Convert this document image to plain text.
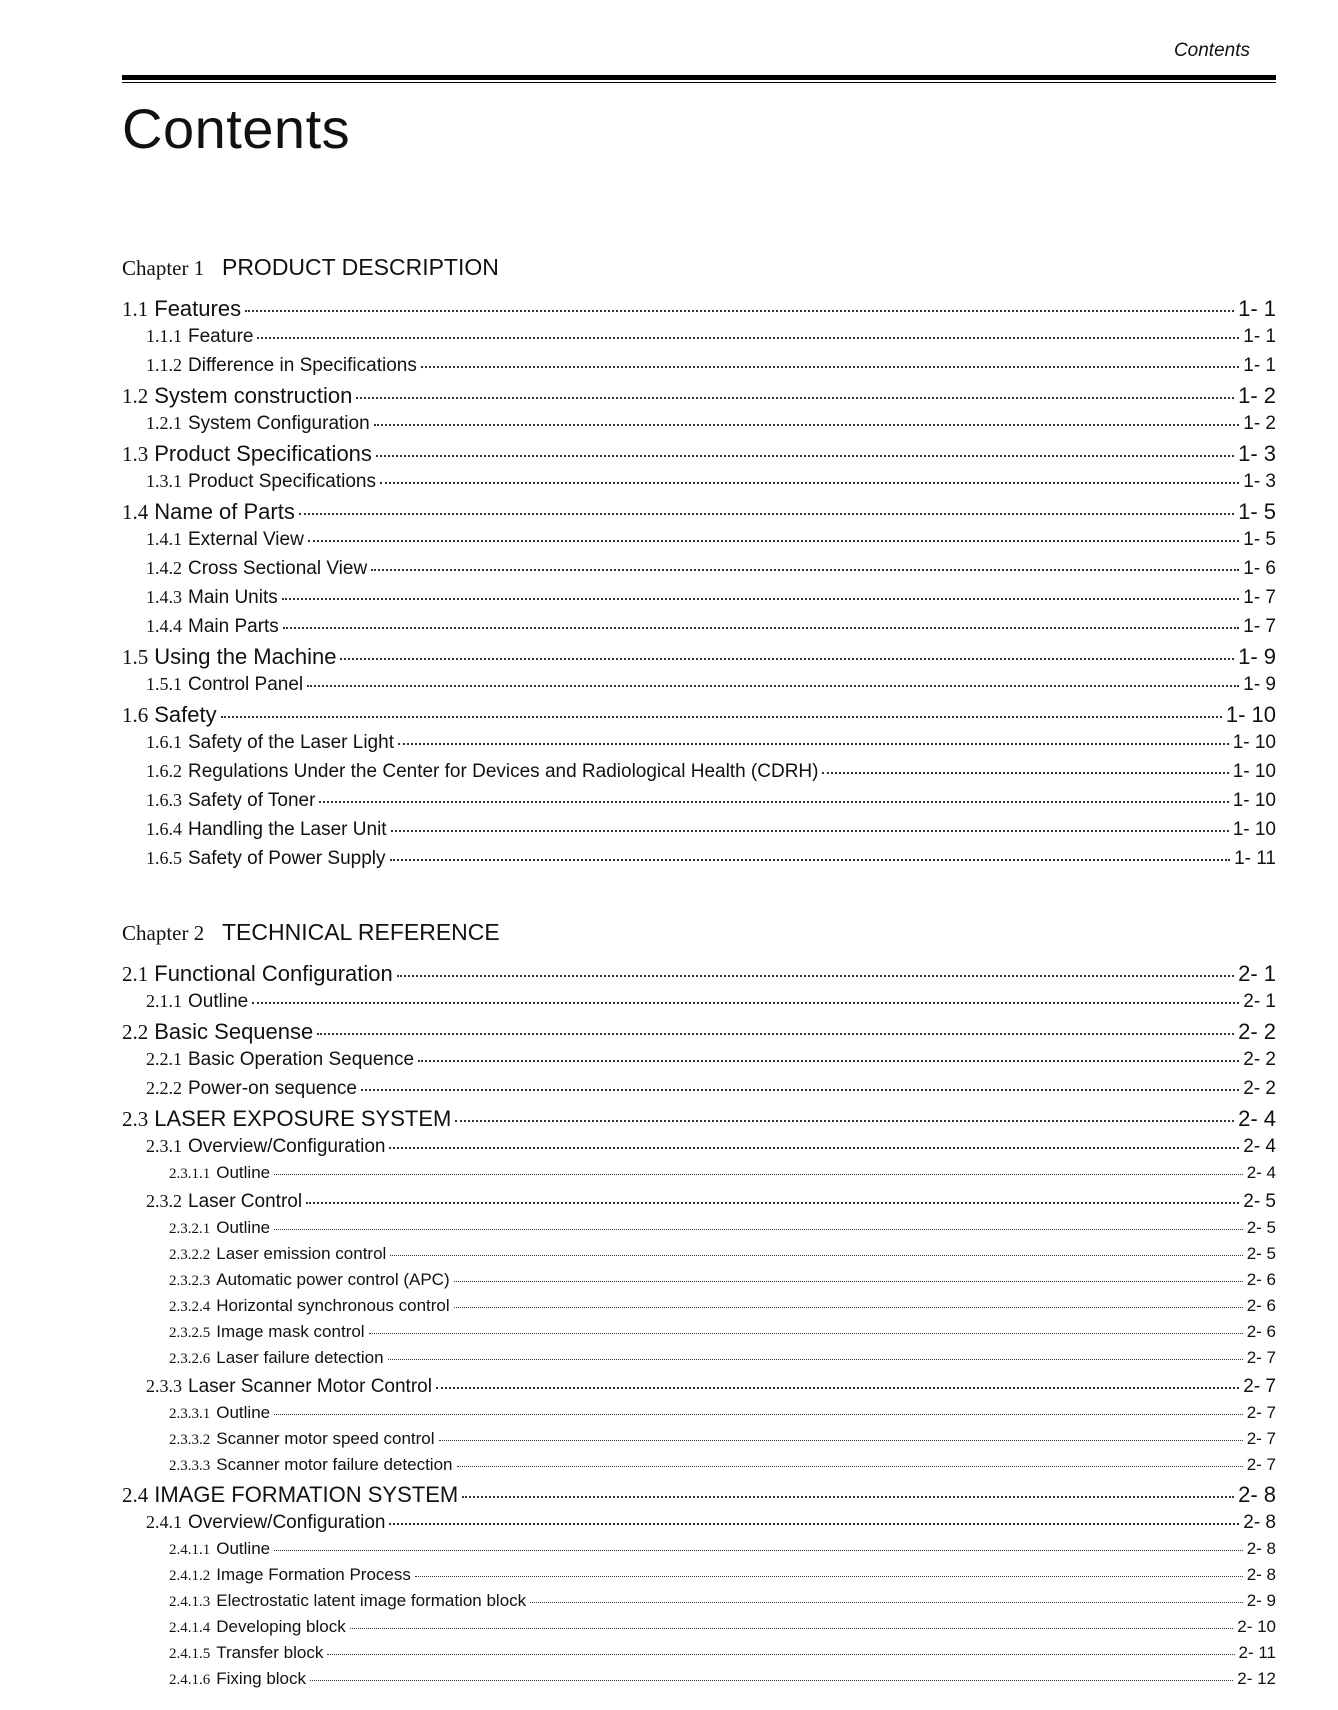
Contents
Contents
Chapter 1 PRODUCT DESCRIPTION
1.1 Features	1- 1
1.1.1 Feature	1- 1
1.1.2 Difference in Specifications	1- 1
1.2 System construction	1- 2
1.2.1 System Configuration	1- 2
1.3 Product Specifications	1- 3
1.3.1 Product Specifications	1- 3
1.4 Name of Parts	1- 5
1.4.1 External View	1- 5
1.4.2 Cross Sectional View	1- 6
1.4.3 Main Units	1- 7
1.4.4 Main Parts	1- 7
1.5 Using the Machine	1- 9
1.5.1 Control Panel	1- 9
1.6 Safety	1- 10
1.6.1 Safety of the Laser Light	1- 10
1.6.2 Regulations Under the Center for Devices and Radiological Health (CDRH)	1- 10
1.6.3 Safety of Toner	1- 10
1.6.4 Handling the Laser Unit	1- 10
1.6.5 Safety of Power Supply	1- 11
Chapter 2 TECHNICAL REFERENCE
2.1 Functional Configuration	2- 1
2.1.1 Outline	2- 1
2.2 Basic Sequense	2- 2
2.2.1 Basic Operation Sequence	2- 2
2.2.2 Power-on sequence	2- 2
2.3 LASER EXPOSURE SYSTEM	2- 4
2.3.1 Overview/Configuration	2- 4
2.3.1.1 Outline	2- 4
2.3.2 Laser Control	2- 5
2.3.2.1 Outline	2- 5
2.3.2.2 Laser emission control	2- 5
2.3.2.3 Automatic power control (APC)	2- 6
2.3.2.4 Horizontal synchronous control	2- 6
2.3.2.5 Image mask control	2- 6
2.3.2.6 Laser failure detection	2- 7
2.3.3 Laser Scanner Motor Control	2- 7
2.3.3.1 Outline	2- 7
2.3.3.2 Scanner motor speed control	2- 7
2.3.3.3 Scanner motor failure detection	2- 7
2.4 IMAGE FORMATION SYSTEM	2- 8
2.4.1 Overview/Configuration	2- 8
2.4.1.1 Outline	2- 8
2.4.1.2 Image Formation Process	2- 8
2.4.1.3 Electrostatic latent image formation block	2- 9
2.4.1.4 Developing block	2- 10
2.4.1.5 Transfer block	2- 11
2.4.1.6 Fixing block	2- 12
